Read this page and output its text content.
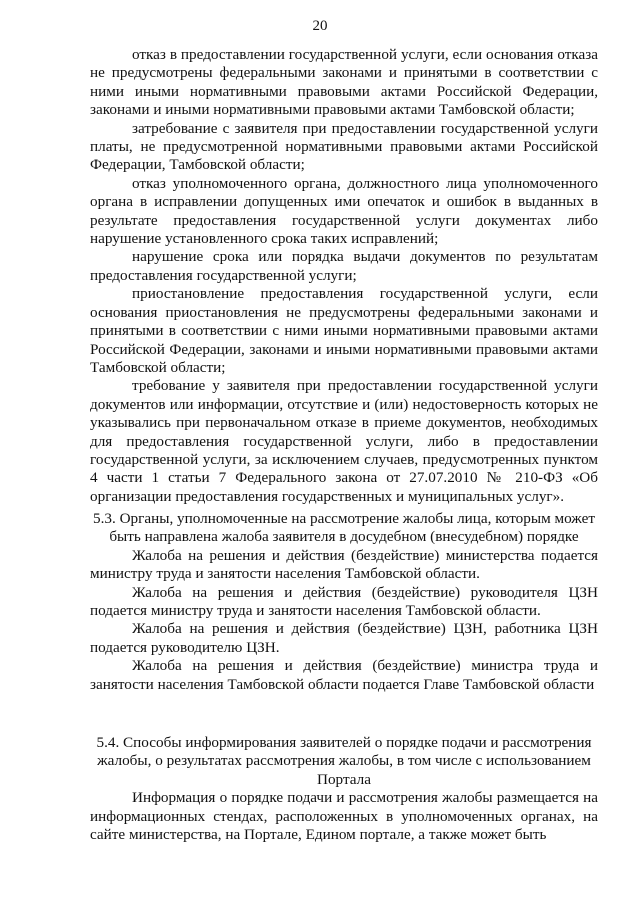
20

отказ в предоставлении государственной услуги, если основания отказа не предусмотрены федеральными законами и принятыми в соответствии с ними иными нормативными правовыми актами Российской Федерации, законами и иными нормативными правовыми актами Тамбовской области;

затребование с заявителя при предоставлении государственной услуги платы, не предусмотренной нормативными правовыми актами Российской Федерации, Тамбовской области;

отказ уполномоченного органа, должностного лица уполномоченного органа в исправлении допущенных ими опечаток и ошибок в выданных в результате предоставления государственной услуги документах либо нарушение установленного срока таких исправлений;

нарушение срока или порядка выдачи документов по результатам предоставления государственной услуги;

приостановление предоставления государственной услуги, если основания приостановления не предусмотрены федеральными законами и принятыми в соответствии с ними иными нормативными правовыми актами Российской Федерации, законами и иными нормативными правовыми актами Тамбовской области;

требование у заявителя при предоставлении государственной услуги документов или информации, отсутствие и (или) недостоверность которых не указывались при первоначальном отказе в приеме документов, необходимых для предоставления государственной услуги, либо в предоставлении государственной услуги, за исключением случаев, предусмотренных пунктом 4 части 1 статьи 7 Федерального закона от 27.07.2010 № 210-ФЗ «Об организации предоставления государственных и муниципальных услуг».

5.3. Органы, уполномоченные на рассмотрение жалобы лица, которым может быть направлена жалоба заявителя в досудебном (внесудебном) порядке

Жалоба на решения и действия (бездействие) министерства подается министру труда и занятости населения Тамбовской области.

Жалоба на решения и действия (бездействие) руководителя ЦЗН подается министру труда и занятости населения Тамбовской области.

Жалоба на решения и действия (бездействие) ЦЗН, работника ЦЗН подается руководителю ЦЗН.

Жалоба на решения и действия (бездействие) министра труда и занятости населения Тамбовской области подается Главе Тамбовской области

5.4. Способы информирования заявителей о порядке подачи и рассмотрения жалобы, о результатах рассмотрения жалобы, в том числе с использованием Портала

Информация о порядке подачи и рассмотрения жалобы размещается на информационных стендах, расположенных в уполномоченных органах, на сайте министерства, на Портале, Едином портале, а также может быть
